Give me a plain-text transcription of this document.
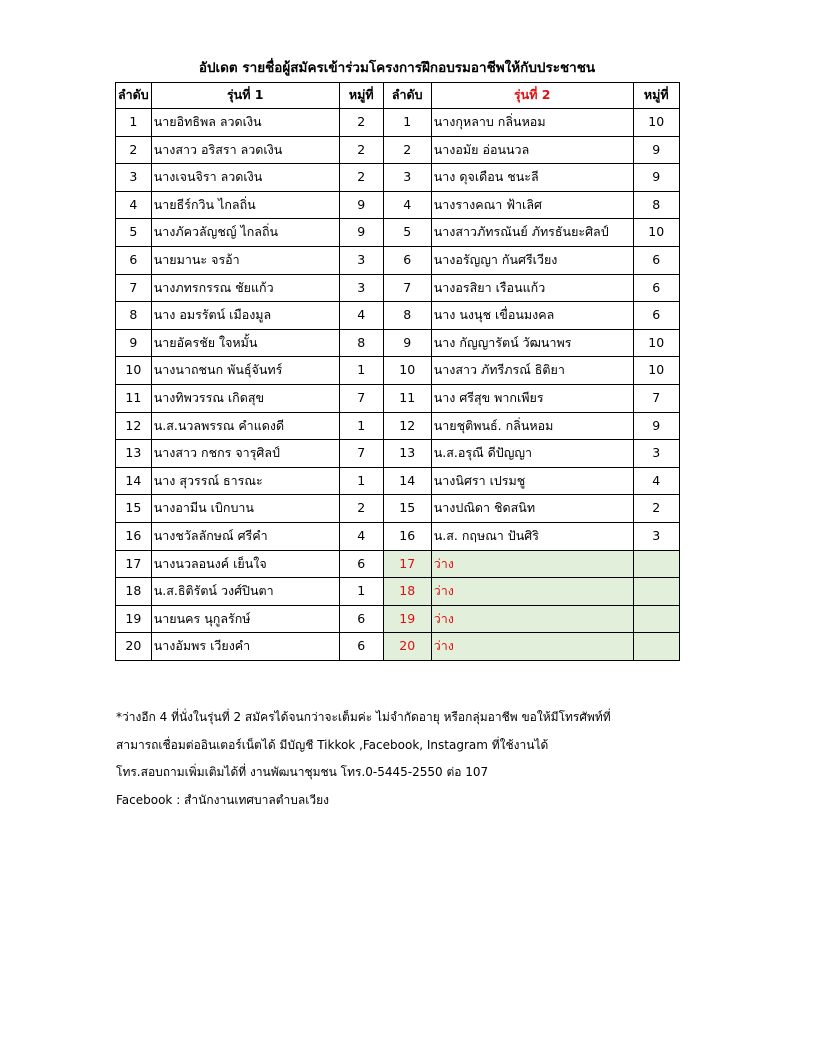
อัปเดต รายชื่อผู้สมัครเข้าร่วมโครงการฝึกอบรมอาชีพให้กับประชาชน
ลำดับ	รุ่นที่ 1	หมู่ที่	ลำดับ	รุ่นที่ 2	หมู่ที่
1	นายอิทธิพล ลวดเงิน	2	1	นางกุหลาบ กลิ่นหอม	10
2	นางสาว อริสรา ลวดเงิน	2	2	นางอมัย อ่อนนวล	9
3	นางเจนจิรา ลวดเงิน	2	3	นาง ดุจเดือน ชนะลี	9
4	นายธีร์กวิน ไกลถิ่น	9	4	นางรางคณา ฟ้าเลิศ	8
5	นางภัควลัญชญ์ ไกลถิ่น	9	5	นางสาวภัทรณันย์ ภัทรธันยะศิลป์	10
6	นายมานะ จรอ้า	3	6	นางอรัญญา กันศรีเวียง	6
7	นางภทรกรรณ ชัยแก้ว	3	7	นางอรสิยา เรือนแก้ว	6
8	นาง อมรรัตน์ เมืองมูล	4	8	นาง นงนุช เขื่อนมงคล	6
9	นายอัครชัย ใจหมั้น	8	9	นาง กัญญารัตน์ วัฒนาพร	10
10	นางนาถชนก พันธุ์จันทร์	1	10	นางสาว ภัทรีภรณ์ ธิติยา	10
11	นางทิพวรรณ เกิดสุข	7	11	นาง ศรีสุข พากเพียร	7
12	น.ส.นวลพรรณ คำแดงดี	1	12	นายชุติพนธ์. กลิ่นหอม	9
13	นางสาว กชกร จารุศิลป์	7	13	น.ส.อรุณี ดีปัญญา	3
14	นาง สุวรรณ์ ธารณะ	1	14	นางนิศรา เปรมชู	4
15	นางอามีน เบิกบาน	2	15	นางปณิดา ชิดสนิท	2
16	นางชวัลลักษณ์ ศรีคำ	4	16	น.ส. กฤษณา ปันศิริ	3
17	นางนวลอนงค์ เย็นใจ	6	17	ว่าง	
18	น.ส.ธิติรัตน์ วงศ์ปินตา	1	18	ว่าง	
19	นายนคร นุกูลรักษ์	6	19	ว่าง	
20	นางอัมพร เวียงคำ	6	20	ว่าง	
*ว่างอีก 4 ที่นั่งในรุ่นที่ 2 สมัครได้จนกว่าจะเต็มค่ะ ไม่จำกัดอายุ หรือกลุ่มอาชีพ ขอให้มีโทรศัพท์ที่
สามารถเชื่อมต่ออินเตอร์เน็ตได้ มีบัญชี Tikkok ,Facebook, Instagram ที่ใช้งานได้
โทร.สอบถามเพิ่มเติมได้ที่ งานพัฒนาชุมชน โทร.0-5445-2550 ต่อ 107
Facebook : สำนักงานเทศบาลตำบลเวียง
